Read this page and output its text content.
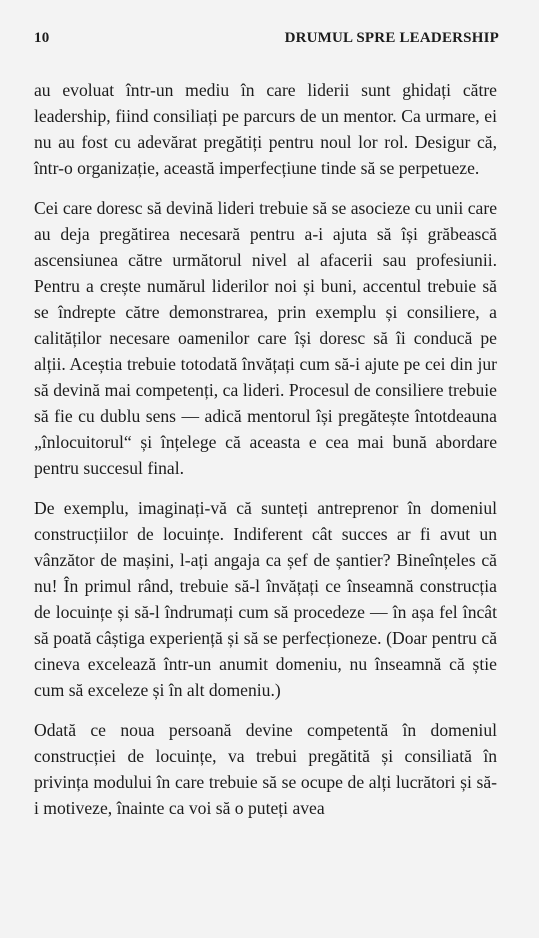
10	DRUMUL SPRE LEADERSHIP

au evoluat într-un mediu în care liderii sunt ghidați către leadership, fiind consiliați pe parcurs de un mentor. Ca urmare, ei nu au fost cu adevărat pregătiți pentru noul lor rol. Desigur că, într-o organizație, această imperfecțiune tinde să se perpetueze.

Cei care doresc să devină lideri trebuie să se asocieze cu unii care au deja pregătirea necesară pentru a-i ajuta să își grăbească ascensiunea către următorul nivel al afacerii sau profesiunii. Pentru a crește numărul liderilor noi și buni, accentul trebuie să se îndrepte către demonstrarea, prin exemplu și consiliere, a calităților necesare oamenilor care își doresc să îi conducă pe alții. Aceștia trebuie totodată învățați cum să-i ajute pe cei din jur să devină mai competenți, ca lideri. Procesul de consiliere trebuie să fie cu dublu sens — adică mentorul își pregătește întotdeauna „înlocuitorul“ și înțelege că aceasta e cea mai bună abordare pentru succesul final.

De exemplu, imaginați-vă că sunteți antreprenor în domeniul construcțiilor de locuințe. Indiferent cât succes ar fi avut un vânzător de mașini, l-ați angaja ca șef de șantier? Bineînțeles că nu! În primul rând, trebuie să-l învățați ce înseamnă construcția de locuințe și să-l îndrumați cum să procedeze — în așa fel încât să poată câștiga experiență și să se perfecționeze. (Doar pentru că cineva excelează într-un anumit domeniu, nu înseamnă că știe cum să exceleze și în alt domeniu.)

Odată ce noua persoană devine competentă în domeniul construcției de locuințe, va trebui pregătită și consiliată în privința modului în care trebuie să se ocupe de alți lucrători și să-i motiveze, înainte ca voi să o puteți avea
